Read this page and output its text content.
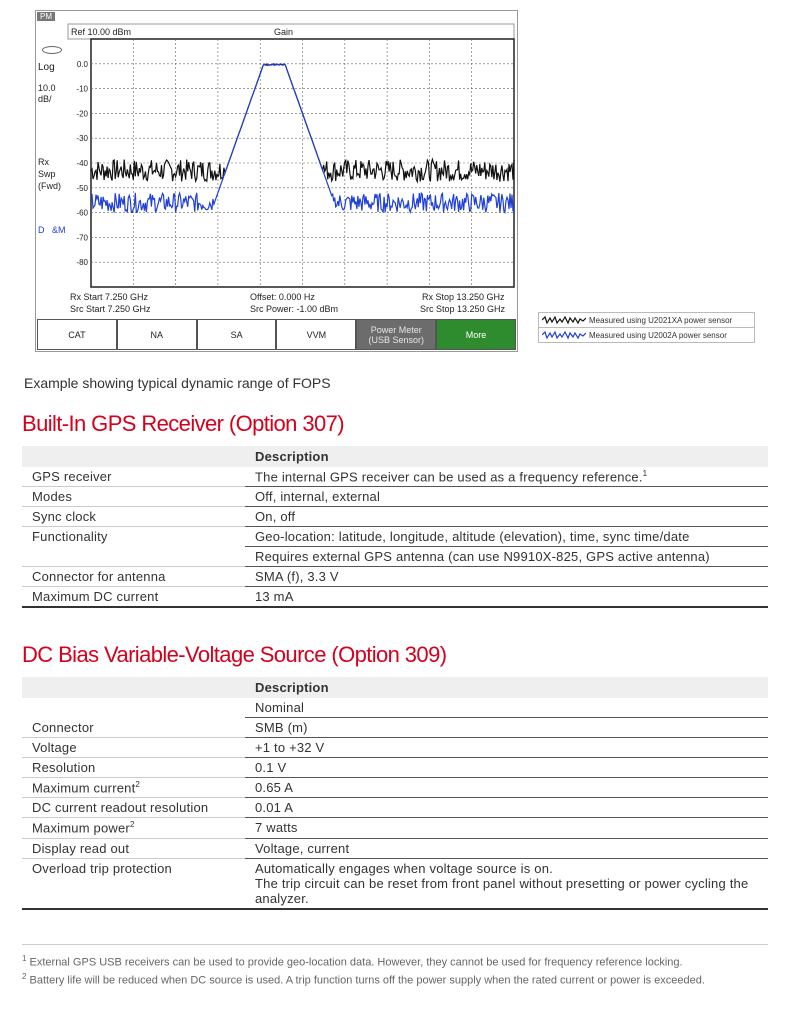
PM
Ref 10.00 dBm	Gain
Log
10.0
dB/
Rx
Swp
(Fwd)
D &M
0.0
-10
-20
-30
-40
-50
-60
-70
-80
Rx Start 7.250 GHz
Src Start 7.250 GHz
Offset: 0.000 Hz
Src Power: -1.00 dBm
Rx Stop 13.250 GHz
Src Stop 13.250 GHz
CAT	NA	SA	VVM	Power Meter
(USB Sensor)	More
Measured using U2021XA power sensor
Measured using U2002A power sensor
Example showing typical dynamic range of FOPS
Built-In GPS Receiver (Option 307)
	Description
GPS receiver	The internal GPS receiver can be used as a frequency reference.$^1$
Modes	Off, internal, external
Sync clock	On, off
Functionality	Geo-location: latitude, longitude, altitude (elevation), time, sync time/date
	Requires external GPS antenna (can use N9910X-825, GPS active antenna)
Connector for antenna	SMA (f), 3.3 V
Maximum DC current	13 mA
DC Bias Variable-Voltage Source (Option 309)
	Description
	Nominal
Connector	SMB (m)
Voltage	+1 to +32 V
Resolution	0.1 V
Maximum current$^2$	0.65 A
DC current readout resolution	0.01 A
Maximum power$^2$	7 watts
Display read out	Voltage, current
Overload trip protection	Automatically engages when voltage source is on.
The trip circuit can be reset from front panel without presetting or power cycling the analyzer.

$^1$ External GPS USB receivers can be used to provide geo-location data. However, they cannot be used for frequency reference locking.

$^2$ Battery life will be reduced when DC source is used. A trip function turns off the power supply when the rated current or power is exceeded.
